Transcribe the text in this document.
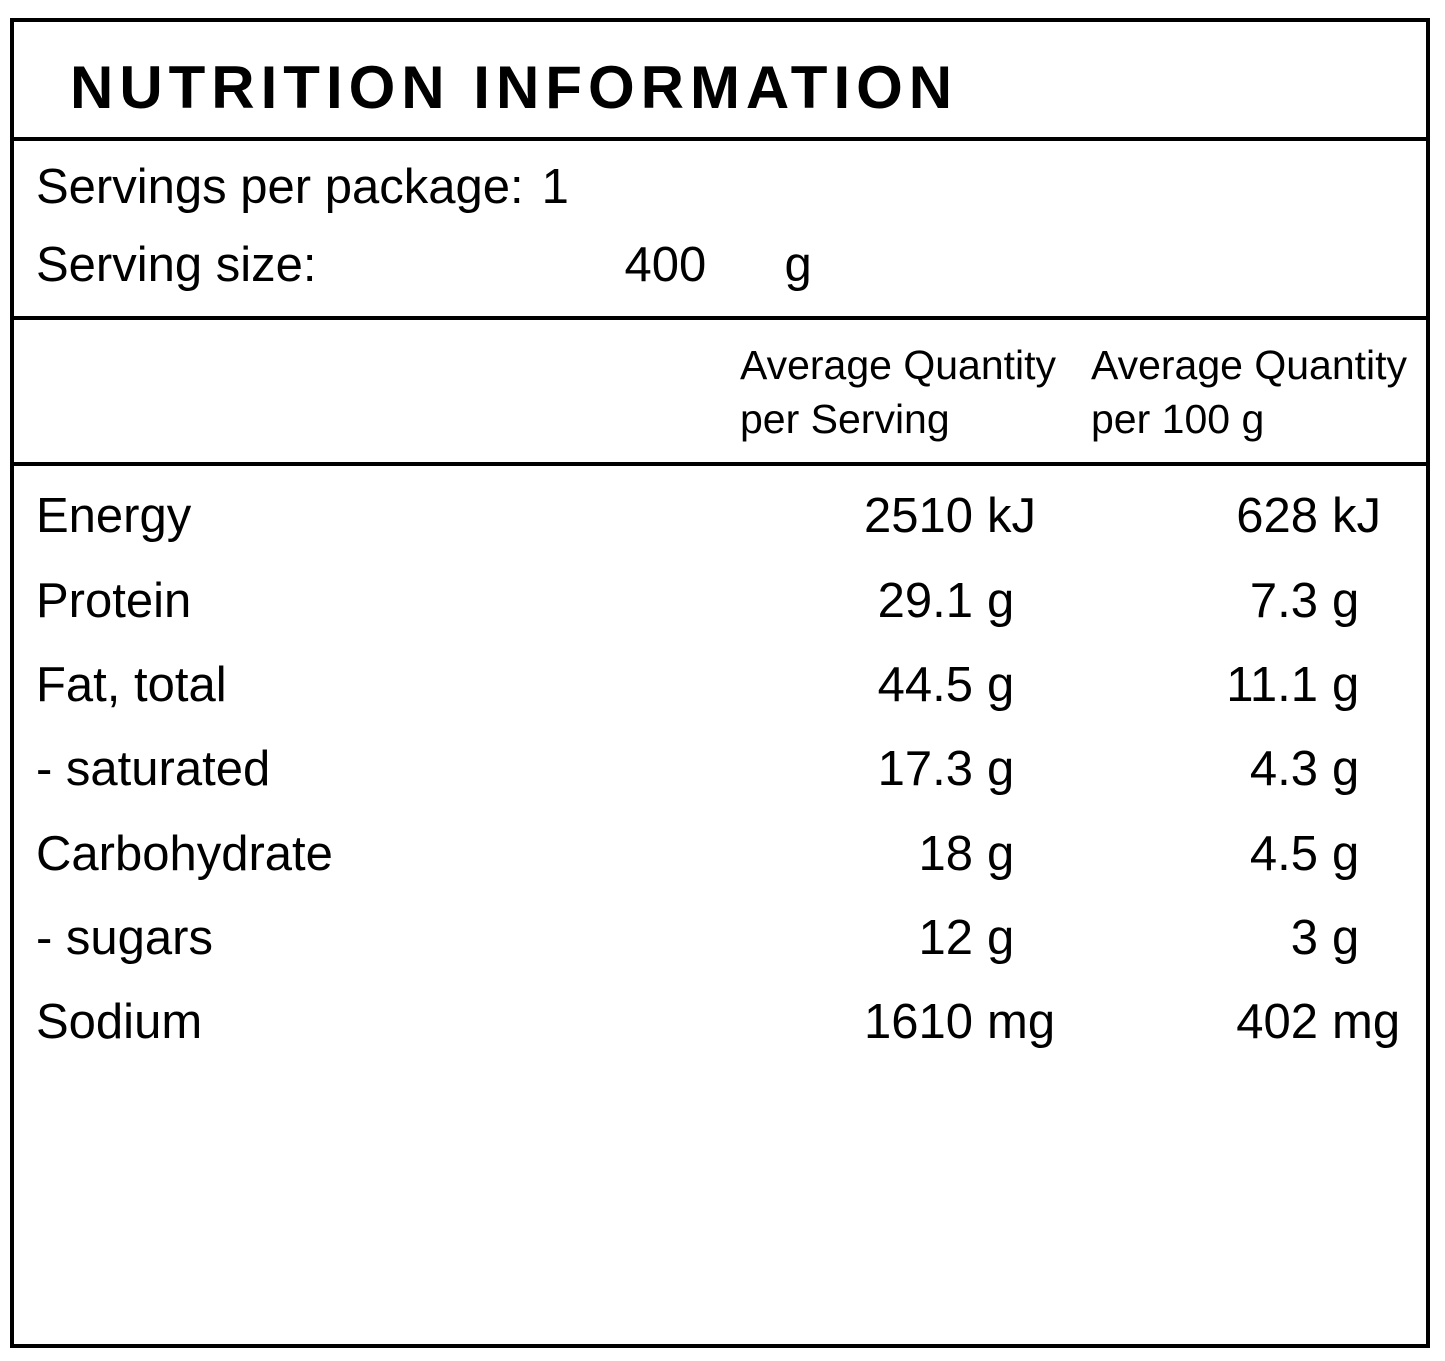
NUTRITION INFORMATION
Servings per package: 1
Serving size:	400	g
Average Quantity per Serving
Average Quantity per 100 g
Energy	2510 kJ	628 kJ
Protein	29.1 g	7.3 g
Fat, total	44.5 g	11.1 g
- saturated	17.3 g	4.3 g
Carbohydrate	18 g	4.5 g
- sugars	12 g	3 g
Sodium	1610 mg	402 mg
